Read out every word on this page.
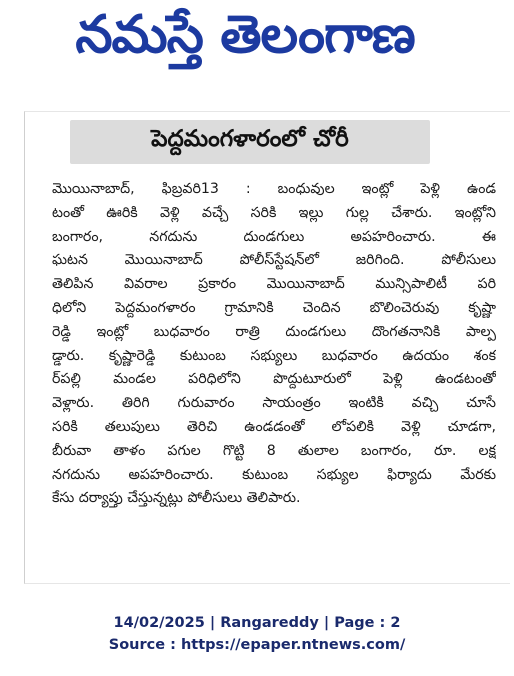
నమస్తే తెలంగాణ
పెద్దమంగళారంలో చోరీ
మొయినాబాద్, ఫిబ్రవరి13 : బంధువుల ఇంట్లో పెళ్లి ఉండ
టంతో ఊరికి వెళ్లి వచ్చే సరికి ఇల్లు గుల్ల చేశారు. ఇంట్లోని
బంగారం, నగదును దుండగులు అపహరించారు. ఈ
ఘటన మొయినాబాద్ పోలీస్‌స్టేషన్‌లో జరిగింది. పోలీసులు
తెలిపిన వివరాల ప్రకారం మొయినాబాద్ మున్సిపాలిటీ పరి
ధిలోని పెద్దమంగళారం గ్రామానికి చెందిన బొలించెరువు కృష్ణా
రెడ్డి ఇంట్లో బుధవారం రాత్రి దుండగులు దొంగతనానికి పాల్ప
డ్డారు. కృష్ణారెడ్డి కుటుంబ సభ్యులు బుధవారం ఉదయం శంక
ర్‌పల్లి మండల పరిధిలోని పొద్దుటూరులో పెళ్లి ఉండటంతో
వెళ్లారు. తిరిగి గురువారం సాయంత్రం ఇంటికి వచ్చి చూసే
సరికి తలుపులు తెరిచి ఉండడంతో లోపలికి వెళ్లి చూడగా,
బీరువా తాళం పగుల గొట్టి 8 తులాల బంగారం, రూ. లక్ష
నగదును అపహరించారు. కుటుంబ సభ్యుల ఫిర్యాదు మేరకు
కేసు దర్యాప్తు చేస్తున్నట్లు పోలీసులు తెలిపారు.
14/02/2025 | Rangareddy | Page : 2
Source : https://epaper.ntnews.com/
